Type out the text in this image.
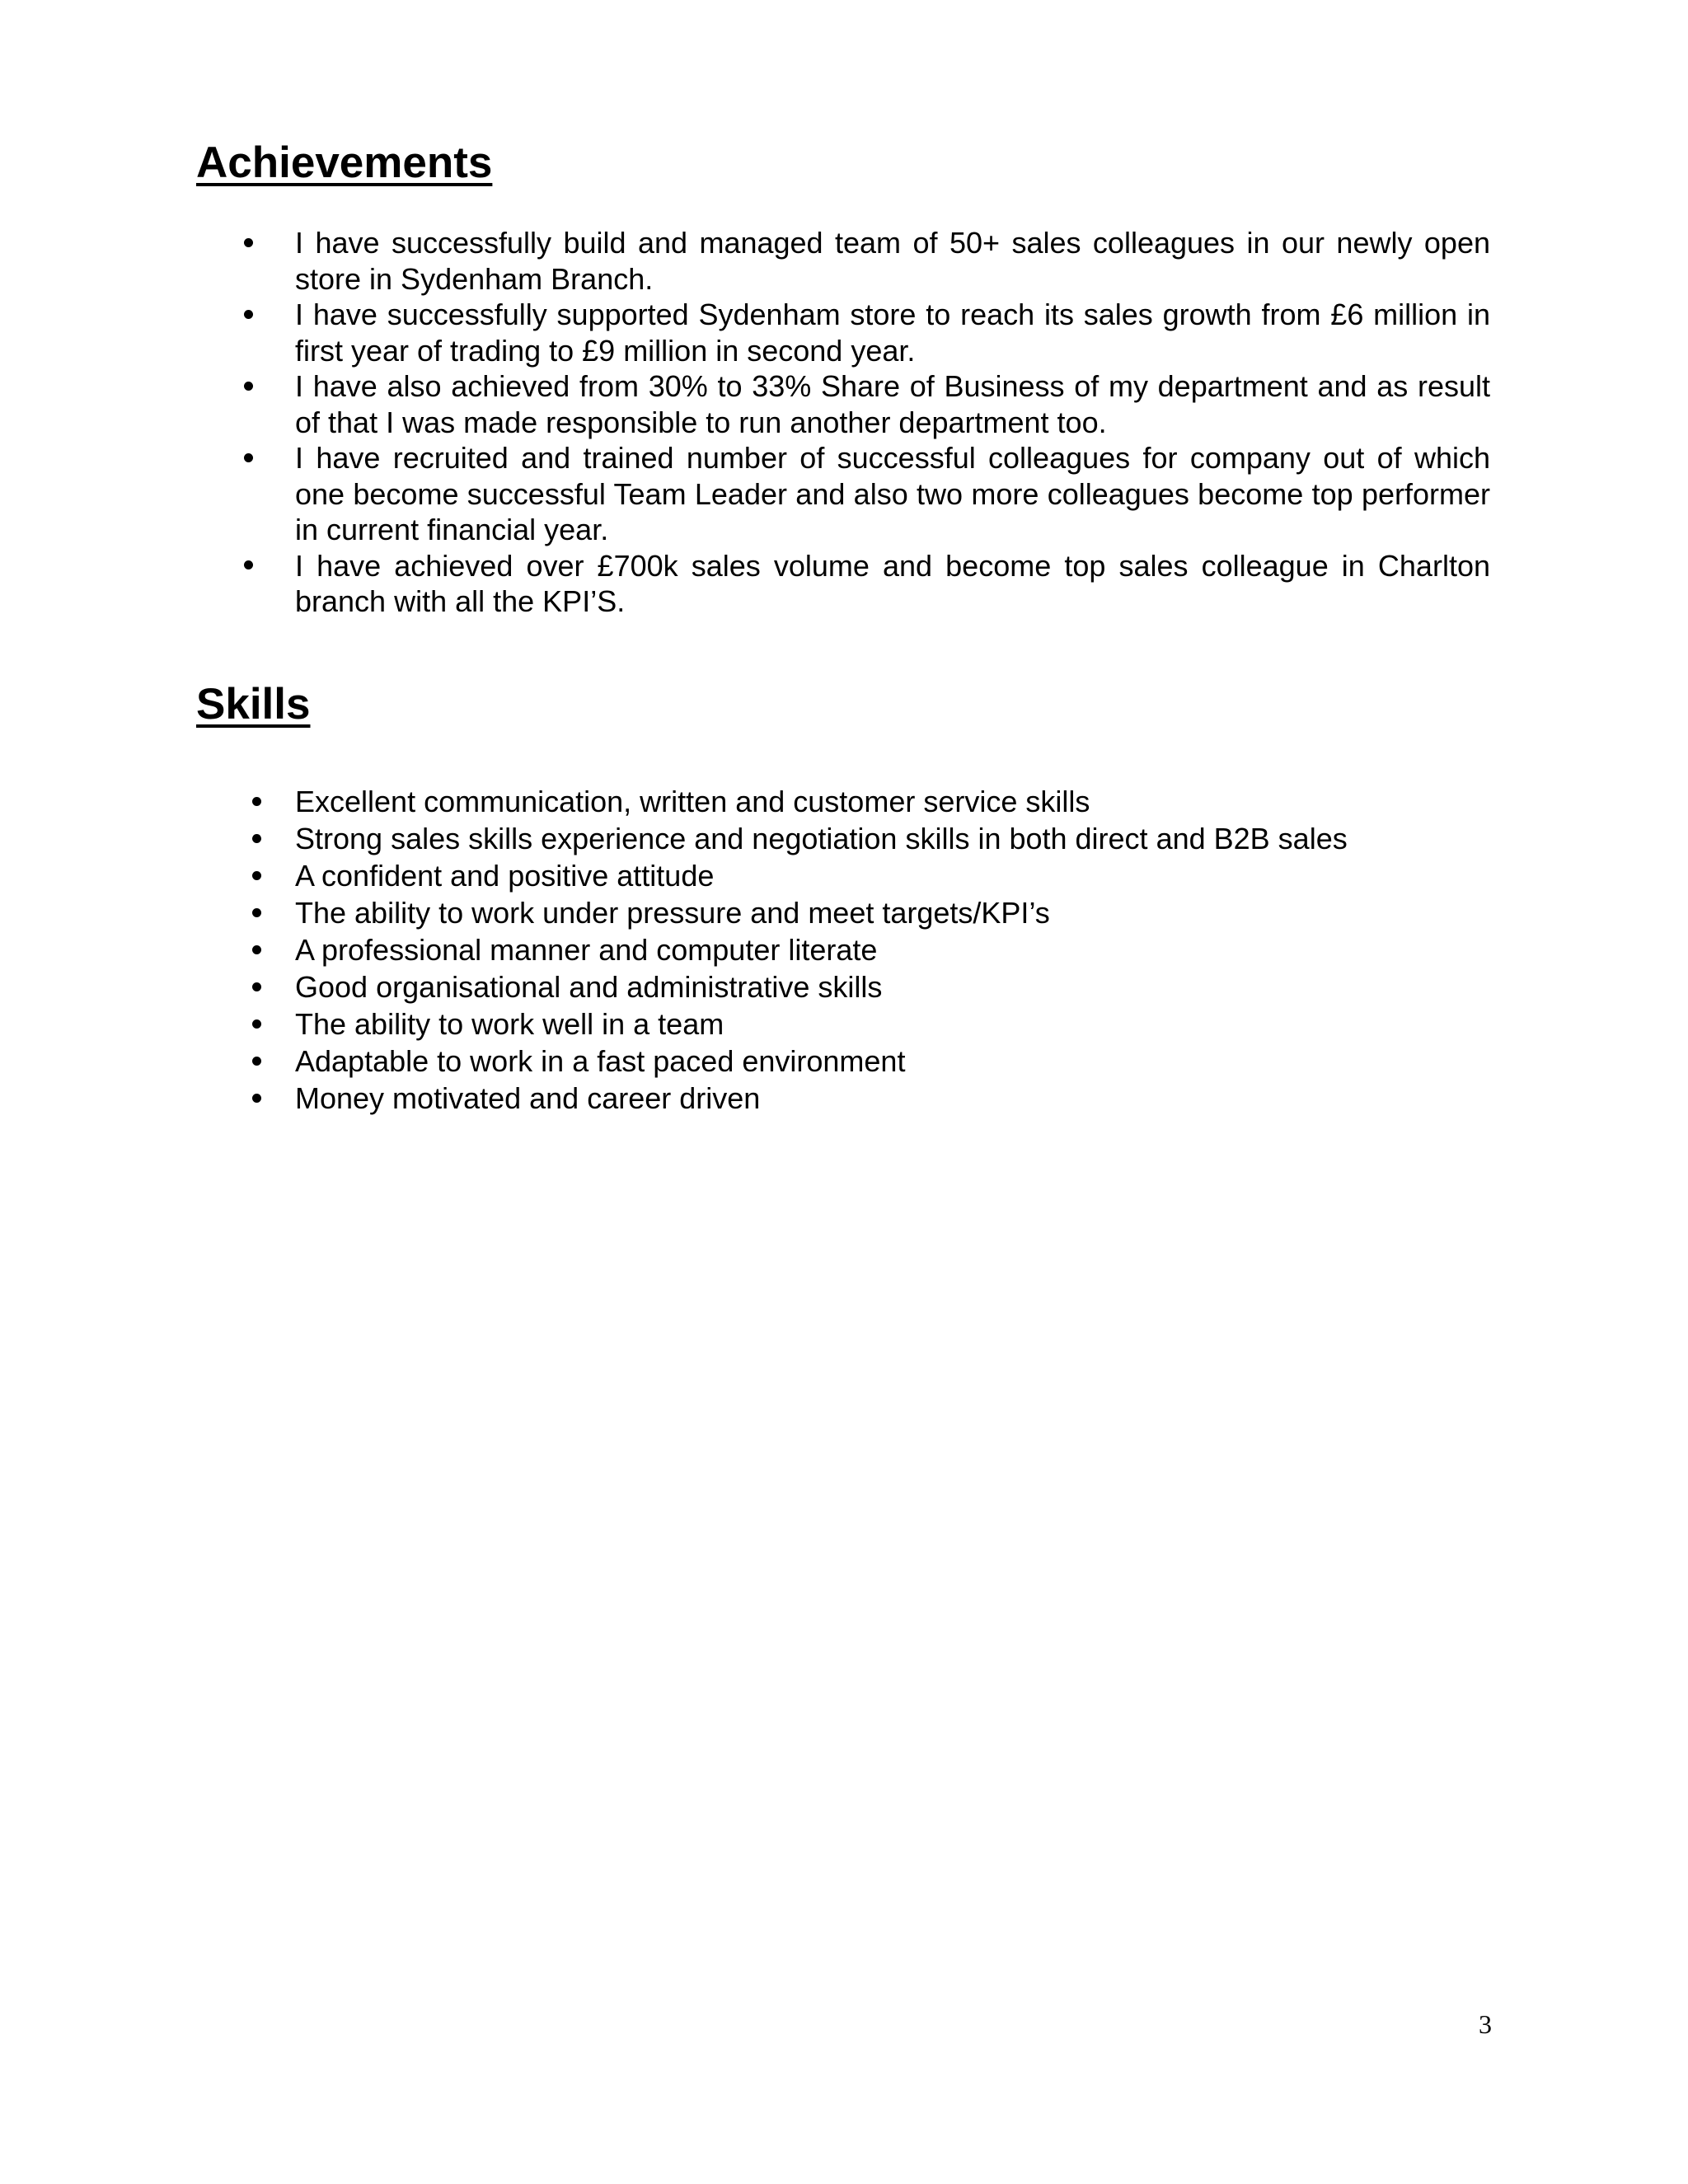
Achievements
I have successfully build and managed team of 50+ sales colleagues in our newly open store in Sydenham Branch.
I have successfully supported Sydenham store to reach its sales growth from £6 million in first year of trading to £9 million in second year.
I have also achieved from 30% to 33% Share of Business of my department and as result of that I was made responsible to run another department too.
I have recruited and trained number of successful colleagues for company out of which one become successful Team Leader and also two more colleagues become top performer in current financial year.
I have achieved over £700k sales volume and become top sales colleague in Charlton branch with all the KPI’S.
Skills
Excellent communication, written and customer service skills
Strong sales skills experience and negotiation skills in both direct and B2B sales
A confident and positive attitude
The ability to work under pressure and meet targets/KPI’s
A professional manner and computer literate
Good organisational and administrative skills
The ability to work well in a team
Adaptable to work in a fast paced environment
Money motivated and career driven
3
